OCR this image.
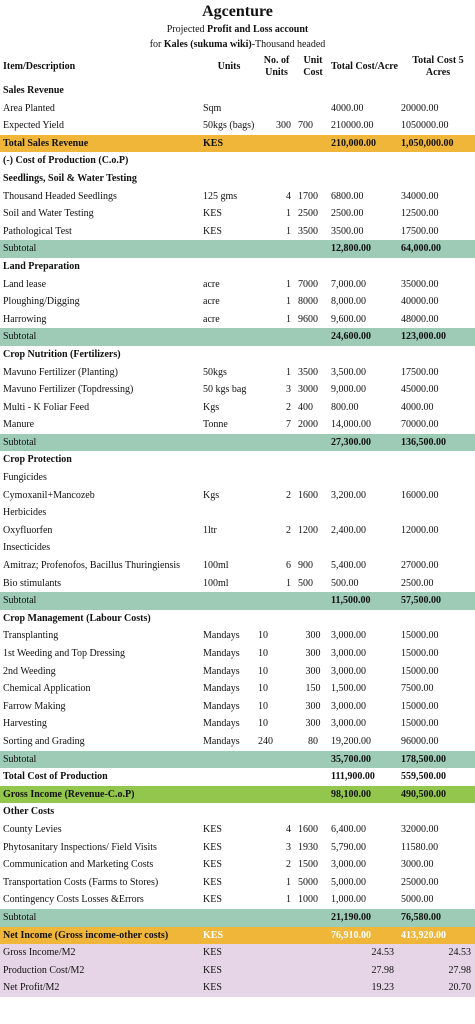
Agcenture
Projected Profit and Loss account
for Kales (sukuma wiki)-Thousand headed
Item/Description	Units	No. of Units	Unit Cost	Total Cost/Acre	Total Cost 5 Acres
Sales Revenue					
Area Planted	Sqm			4000.00	20000.00
Expected Yield	50kgs (bags)	300	700	210000.00	1050000.00
Total Sales Revenue	KES			210,000.00	1,050,000.00
(-) Cost of Production (C.o.P)					
Seedlings, Soil & Water Testing					
Thousand Headed Seedlings	125 gms	4	1700	6800.00	34000.00
Soil and Water Testing	KES	1	2500	2500.00	12500.00
Pathological Test	KES	1	3500	3500.00	17500.00
Subtotal				12,800.00	64,000.00
Land Preparation					
Land lease	acre	1	7000	7,000.00	35000.00
Ploughing/Digging	acre	1	8000	8,000.00	40000.00
Harrowing	acre	1	9600	9,600.00	48000.00
Subtotal				24,600.00	123,000.00
Crop Nutrition (Fertilizers)					
Mavuno Fertilizer (Planting)	50kgs	1	3500	3,500.00	17500.00
Mavuno Fertilizer (Topdressing)	50 kgs bag	3	3000	9,000.00	45000.00
Multi - K Foliar Feed	Kgs	2	400	800.00	4000.00
Manure	Tonne	7	2000	14,000.00	70000.00
Subtotal				27,300.00	136,500.00
Crop Protection					
Fungicides					
Cymoxanil+Mancozeb	Kgs	2	1600	3,200.00	16000.00
Herbicides					
Oxyfluorfen	1ltr	2	1200	2,400.00	12000.00
Insecticides					
Amitraz; Profenofos, Bacillus Thuringiensis	100ml	6	900	5,400.00	27000.00
Bio stimulants	100ml	1	500	500.00	2500.00
Subtotal				11,500.00	57,500.00
Crop Management (Labour Costs)					
Transplanting	Mandays	10	300	3,000.00	15000.00
1st Weeding and Top Dressing	Mandays	10	300	3,000.00	15000.00
2nd Weeding	Mandays	10	300	3,000.00	15000.00
Chemical Application	Mandays	10	150	1,500.00	7500.00
Farrow Making	Mandays	10	300	3,000.00	15000.00
Harvesting	Mandays	10	300	3,000.00	15000.00
Sorting and Grading	Mandays	240	80	19,200.00	96000.00
Subtotal				35,700.00	178,500.00
Total Cost of Production				111,900.00	559,500.00
Gross Income (Revenue-C.o.P)				98,100.00	490,500.00
Other Costs					
County Levies	KES	4	1600	6,400.00	32000.00
Phytosanitary Inspections/ Field Visits	KES	3	1930	5,790.00	11580.00
Communication and Marketing Costs	KES	2	1500	3,000.00	3000.00
Transportation Costs (Farms to Stores)	KES	1	5000	5,000.00	25000.00
Contingency Costs Losses &Errors	KES	1	1000	1,000.00	5000.00
Subtotal				21,190.00	76,580.00
Net Income (Gross income-other costs)	KES			76,910.00	413,920.00
Gross Income/M2	KES			24.53	24.53
Production Cost/M2	KES			27.98	27.98
Net Profit/M2	KES			19.23	20.70
